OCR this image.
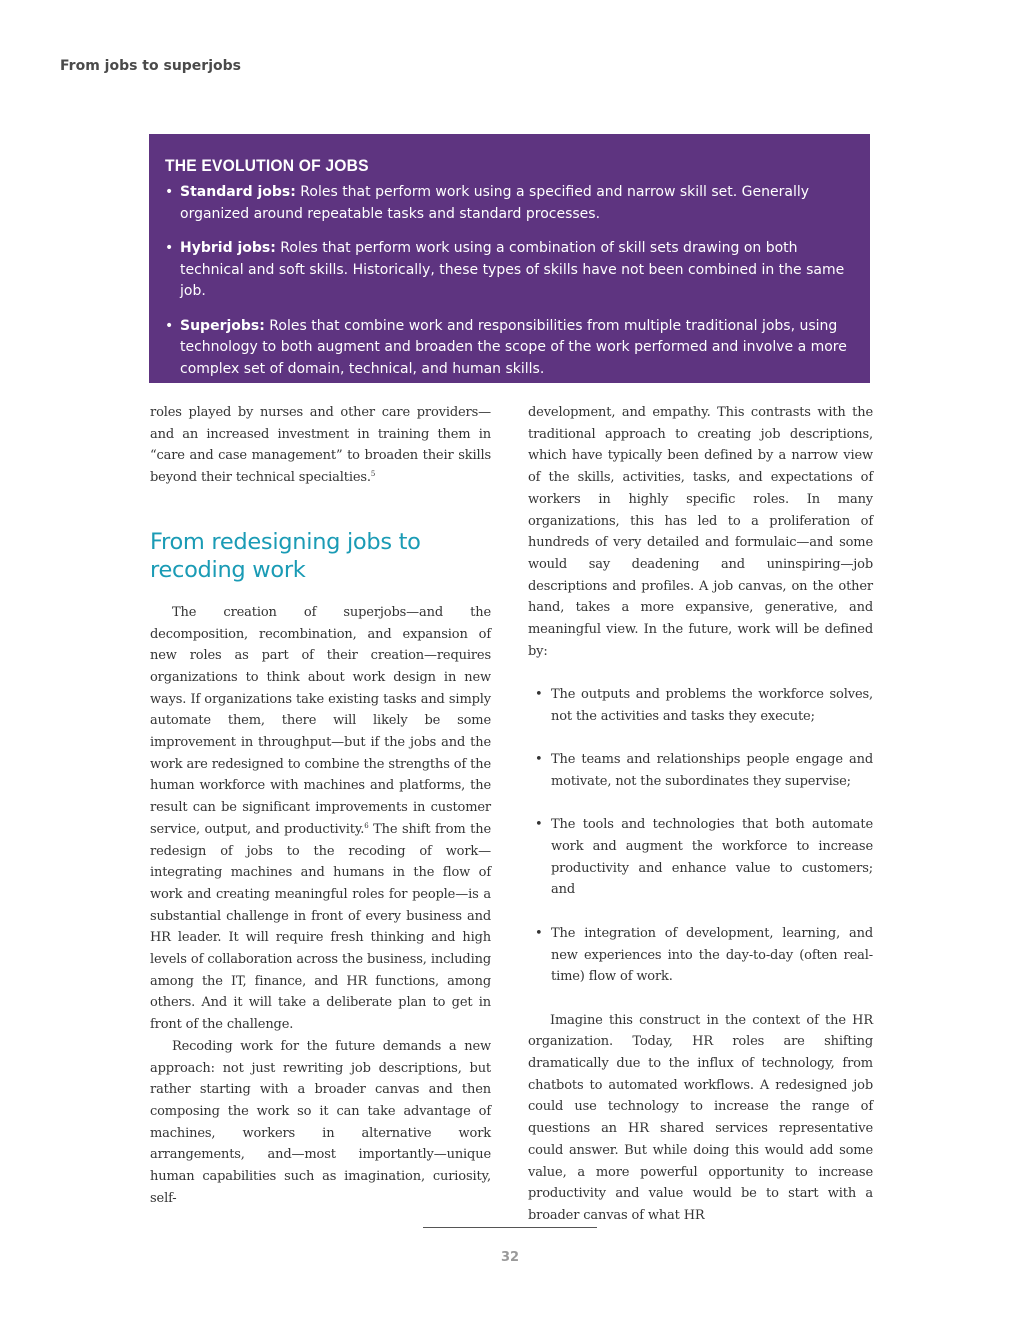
From jobs to superjobs
THE EVOLUTION OF JOBS
• Standard jobs: Roles that perform work using a specified and narrow skill set. Generally organized around repeatable tasks and standard processes.
• Hybrid jobs: Roles that perform work using a combination of skill sets drawing on both technical and soft skills. Historically, these types of skills have not been combined in the same job.
• Superjobs: Roles that combine work and responsibilities from multiple traditional jobs, using technology to both augment and broaden the scope of the work performed and involve a more complex set of domain, technical, and human skills.

roles played by nurses and other care providers—and an increased investment in training them in “care and case management” to broaden their skills beyond their technical specialties.$^5$

From redesigning jobs to recoding work

The creation of superjobs—and the decomposition, recombination, and expansion of new roles as part of their creation—requires organizations to think about work design in new ways. If organizations take existing tasks and simply automate them, there will likely be some improvement in throughput—but if the jobs and the work are redesigned to combine the strengths of the human workforce with machines and platforms, the result can be significant improvements in customer service, output, and productivity.$^6$ The shift from the redesign of jobs to the recoding of work—integrating machines and humans in the flow of work and creating meaningful roles for people—is a substantial challenge in front of every business and HR leader. It will require fresh thinking and high levels of collaboration across the business, including among the IT, finance, and HR functions, among others. And it will take a deliberate plan to get in front of the challenge.

Recoding work for the future demands a new approach: not just rewriting job descriptions, but rather starting with a broader canvas and then composing the work so it can take advantage of machines, workers in alternative work arrangements, and—most importantly—unique human capabilities such as imagination, curiosity, self-

development, and empathy. This contrasts with the traditional approach to creating job descriptions, which have typically been defined by a narrow view of the skills, activities, tasks, and expectations of workers in highly specific roles. In many organizations, this has led to a proliferation of hundreds of very detailed and formulaic—and some would say deadening and uninspiring—job descriptions and profiles. A job canvas, on the other hand, takes a more expansive, generative, and meaningful view. In the future, work will be defined by:

• The outputs and problems the workforce solves, not the activities and tasks they execute;
• The teams and relationships people engage and motivate, not the subordinates they supervise;
• The tools and technologies that both automate work and augment the workforce to increase productivity and enhance value to customers; and
• The integration of development, learning, and new experiences into the day-to-day (often real-time) flow of work.

Imagine this construct in the context of the HR organization. Today, HR roles are shifting dramatically due to the influx of technology, from chatbots to automated workflows. A redesigned job could use technology to increase the range of questions an HR shared services representative could answer. But while doing this would add some value, a more powerful opportunity to increase productivity and value would be to start with a broader canvas of what HR

32
